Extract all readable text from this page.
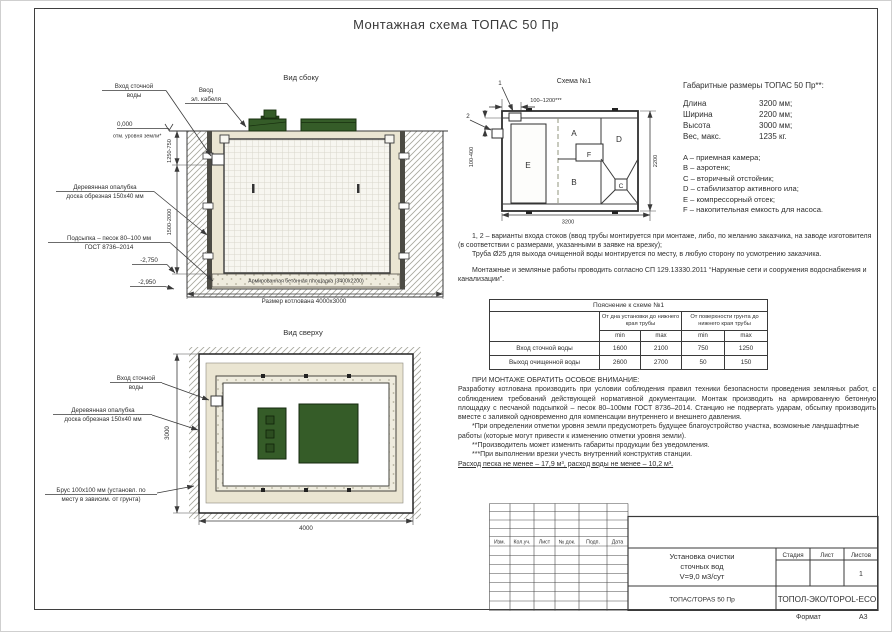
Монтажная схема ТОПАС 50 Пр
Вид сбоку
Армированная бетонная площадка (3400х2200)
1250-750
1500-2000
Размер котлована 4000х3000
Вход сточной
воды
Ввод
эл. кабеля
0,000
отм. уровня земли*
Деревянная опалубка
доска обрезная 150х40 мм
Подсыпка – песок 80–100 мм
ГОСТ 8736–2014
-2,750
-2,950
Вид сверху
3000
4000
Вход сточной
воды
Деревянная опалубка
доска обрезная 150х40 мм
Брус 100х100 мм (установл. по
месту в зависим. от грунта)
Схема №1
A
B	C
D
E
F
1
2
100–1200***
100-400	2200
3200
Габаритные размеры ТОПАС 50 Пр**:
Длина	3200 мм;
Ширина	2200 мм;
Высота	3000 мм;
Вес, макс.	1235 кг.
A – приемная камера;
B – аэротенк;
C – вторичный отстойник;
D – стабилизатор активного ила;
E – компрессорный отсек;
F – накопительная емкость для насоса.

1, 2 – варианты входа стоков (ввод трубы монтируется при монтаже, либо, по желанию заказчика, на заводе изготовителя (в соответствии с размерами, указанными в заявке на врезку);

Труба Ø25 для выхода очищенной воды монтируется по месту, в любую сторону по усмотрению заказчика.

Монтажные и земляные работы проводить согласно СП 129.13330.2011 “Наружные сети и сооружения водоснабжения и канализации”.

Пояснение к схеме №1				
	От дна установки до нижнего края трубы		От поверхности грунта до нижнего края трубы	
	min	max	min	max
Вход сточной воды	1600	2100	750	1250
Выход очищенной воды	2600	2700	50	150

ПРИ МОНТАЖЕ ОБРАТИТЬ ОСОБОЕ ВНИМАНИЕ:

Разработку котлована производить при условии соблюдения правил техники безопасности проведения земляных работ, с соблюдением требований действующей нормативной документации. Монтаж производить на армированную бетонную площадку с песчаной подсыпкой – песок 80–100мм ГОСТ 8736–2014. Станцию не подвергать ударам, обсыпку производить вместе с заливкой одновременно для компенсации внутреннего и внешнего давления.

*При определении отметки уровня земли предусмотреть будущее благоустройство участка, возможные ландшафтные работы (которые могут привести к изменению отметки уровня земли).

**Производитель может изменить габариты продукции без уведомления.

***При выполнении врезки учесть внутренний конструктив станции.

Расход песка не менее – 17,9 м³, расход воды не менее – 10,2 м³.

Изм. Кол.уч. Лист № док. Подп. Дата
Стадия	Лист	Листов
1
Установка очистки
сточных вод
V=9,0 м3/сут
ТОПАС/TOPAS 50 Пр	ТОПОЛ-ЭКО/TOPOL-ECO
Формат	А3
